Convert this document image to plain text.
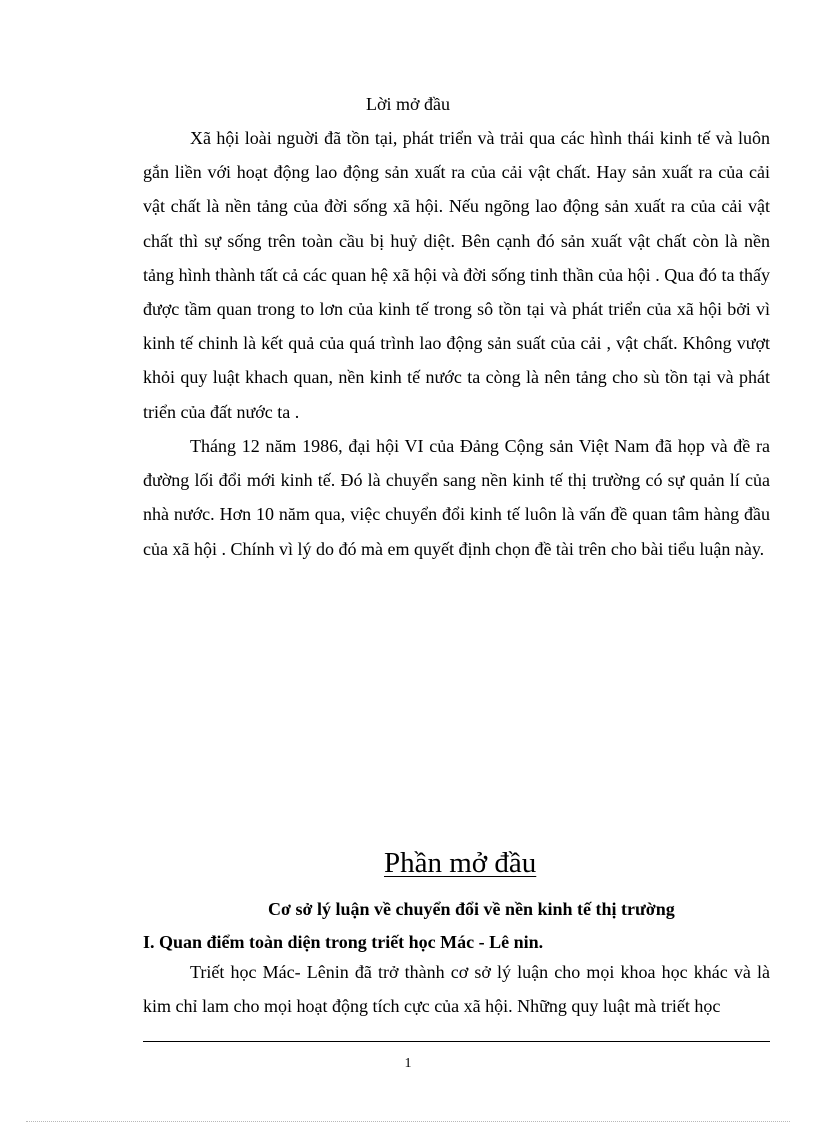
Lời mở đầu

Xã hội loài nguời đã tồn tại, phát triển và trải qua các hình thái kinh tế và luôn gắn liền với hoạt động lao động sản xuất ra của cải vật chất. Hay sản xuất ra của cải vật chất là nền tảng của đời sống xã hội. Nếu ngõng lao động sản xuất ra của cải vật chất thì sự sống trên toàn cầu bị huỷ diệt. Bên cạnh đó sản xuất vật chất còn là nền tảng hình thành tất cả các quan hệ xã hội và đời sống tinh thần của hội . Qua đó ta thấy được tầm quan trong to lơn của kinh tế trong sô tồn tại và phát triển của xã hội bởi vì kinh tế chinh là kết quả của quá trình lao động sản suất của cải , vật chất. Không vượt khỏi quy luật khach quan, nền kinh tế nước ta còng là nên tảng cho sù tồn tại và phát triển của đất nước ta .

Tháng 12 năm 1986, đại hội VI của Đảng Cộng sản Việt Nam đã họp và đề ra đường lối đổi mới kinh tế. Đó là chuyển sang nền kinh tế thị trường có sự quản lí của nhà nước. Hơn 10 năm qua, việc chuyển đổi kinh tế luôn là vấn đề quan tâm hàng đầu của xã hội . Chính vì lý do đó mà em quyết định chọn đề tài trên cho bài tiểu luận này.

Phần mở đầu
Cơ sở lý luận về chuyển đổi về nền kinh tế thị trường
I. Quan điểm toàn diện trong triết học Mác - Lê nin.

Triết học Mác- Lênin đã trở thành cơ sở lý luận cho mọi khoa học khác và là kim chỉ lam cho mọi hoạt động tích cực của xã hội. Những quy luật mà triết học

1
